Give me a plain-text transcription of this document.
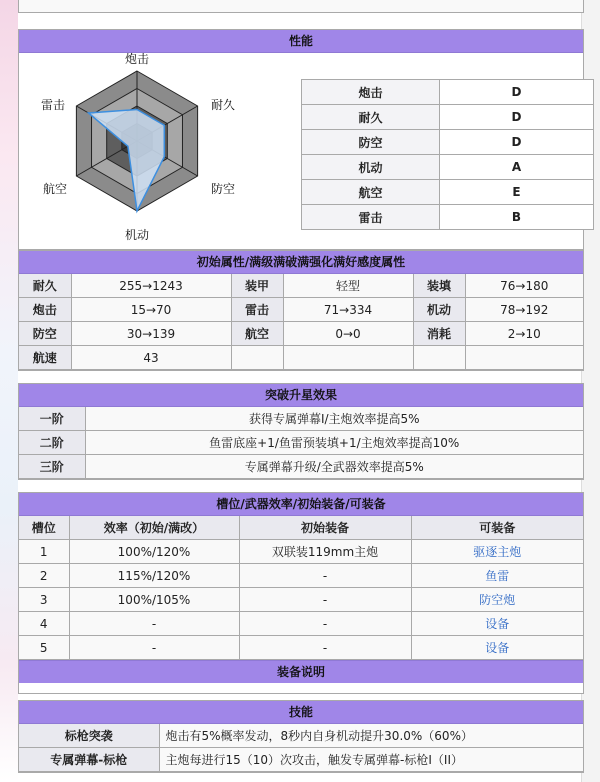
性能
炮击
耐久
防空
机动
航空
雷击
炮击	D
耐久	D
防空	D
机动	A
航空	E
雷击	B
初始属性/满级满破满强化满好感度属性
耐久	255→1243	装甲	轻型	装填	76→180
炮击	15→70	雷击	71→334	机动	78→192
防空	30→139	航空	0→0	消耗	2→10
航速	43				
突破升星效果
一阶	获得专属弹幕I/主炮效率提高5%
二阶	鱼雷底座+1/鱼雷预装填+1/主炮效率提高10%
三阶	专属弹幕升级/全武器效率提高5%
槽位/武器效率/初始装备/可装备
槽位	效率（初始/满改）	初始装备	可装备
1	100%/120%	双联装119mm主炮	驱逐主炮
2	115%/120%	-	鱼雷
3	100%/105%	-	防空炮
4	-	-	设备
5	-	-	设备
装备说明
技能
标枪突袭	炮击有5%概率发动，8秒内自身机动提升30.0%（60%）
专属弹幕-标枪	主炮每进行15（10）次攻击，触发专属弹幕-标枪I（II）
